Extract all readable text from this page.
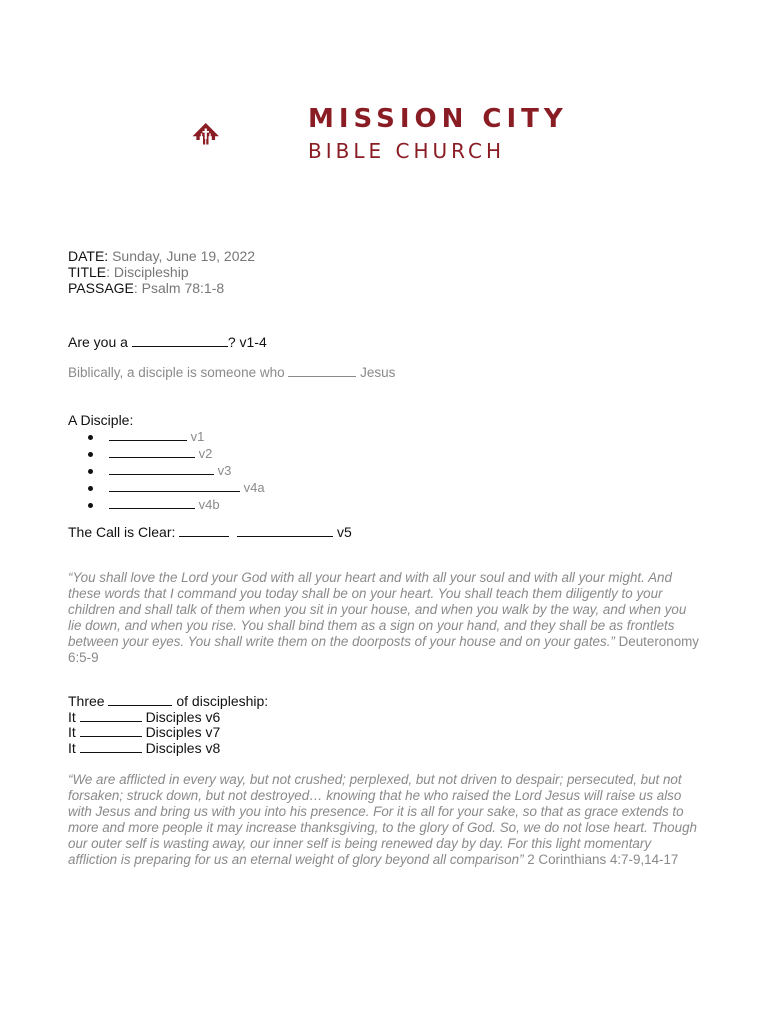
MISSION CITY
BIBLE CHURCH
DATE: Sunday, June 19, 2022
TITLE: Discipleship
PASSAGE: Psalm 78:1-8
Are you a	? v1-4
Biblically, a disciple is someone who	Jesus
A Disciple:
v1
v2
v3
v4a
v4b
The Call is Clear:	v5
“You shall love the Lord your God with all your heart and with all your soul and with all your might. And these words that I command you today shall be on your heart. You shall teach them diligently to your children and shall talk of them when you sit in your house, and when you walk by the way, and when you lie down, and when you rise. You shall bind them as a sign on your hand, and they shall be as frontlets between your eyes. You shall write them on the doorposts of your house and on your gates.” Deuteronomy 6:5-9
Three	of discipleship:
It	Disciples v6
It	Disciples v7
It	Disciples v8
“We are afflicted in every way, but not crushed; perplexed, but not driven to despair; persecuted, but not forsaken; struck down, but not destroyed… knowing that he who raised the Lord Jesus will raise us also with Jesus and bring us with you into his presence. For it is all for your sake, so that as grace extends to more and more people it may increase thanksgiving, to the glory of God. So, we do not lose heart. Though our outer self is wasting away, our inner self is being renewed day by day. For this light momentary affliction is preparing for us an eternal weight of glory beyond all comparison” 2 Corinthians 4:7-9,14-17
